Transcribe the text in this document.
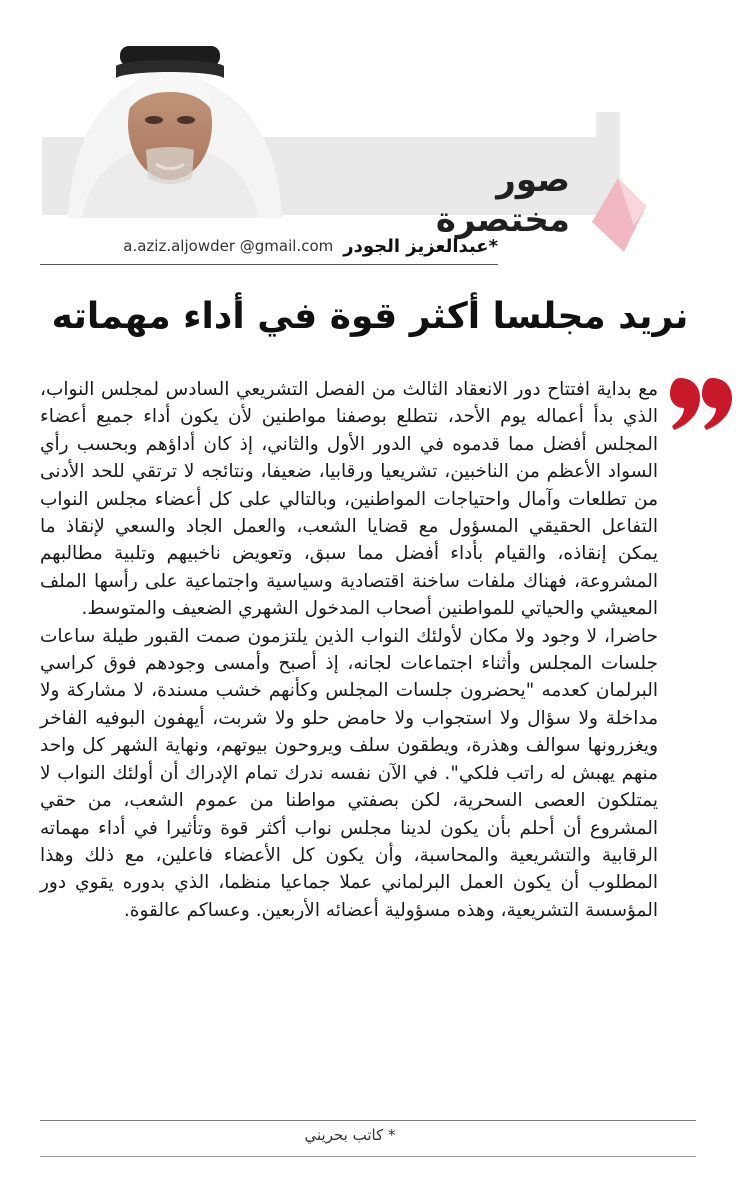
صور مختصرة
a.aziz.aljowder @gmail.com *عبدالعزيز الجودر
نريد مجلسا أكثر قوة في أداء مهماته

مع بداية افتتاح دور الانعقاد الثالث من الفصل التشريعي السادس لمجلس النواب، الذي بدأ أعماله يوم الأحد، نتطلع بوصفنا مواطنين لأن يكون أداء جميع أعضاء المجلس أفضل مما قدموه في الدور الأول والثاني، إذ كان أداؤهم وبحسب رأي السواد الأعظم من الناخبين، تشريعيا ورقابيا، ضعيفا، ونتائجه لا ترتقي للحد الأدنى من تطلعات وآمال واحتياجات المواطنين، وبالتالي على كل أعضاء مجلس النواب التفاعل الحقيقي المسؤول مع قضايا الشعب، والعمل الجاد والسعي لإنقاذ ما يمكن إنقاذه، والقيام بأداء أفضل مما سبق، وتعويض ناخبيهم وتلبية مطالبهم المشروعة، فهناك ملفات ساخنة اقتصادية وسياسية واجتماعية على رأسها الملف المعيشي والحياتي للمواطنين أصحاب المدخول الشهري الضعيف والمتوسط.

حاضرا، لا وجود ولا مكان لأولئك النواب الذين يلتزمون صمت القبور طيلة ساعات جلسات المجلس وأثناء اجتماعات لجانه، إذ أصبح وأمسى وجودهم فوق كراسي البرلمان كعدمه "يحضرون جلسات المجلس وكأنهم خشب مسندة، لا مشاركة ولا مداخلة ولا سؤال ولا استجواب ولا حامض حلو ولا شربت، أيهفون البوفيه الفاخر ويغزرونها سوالف وهذرة، ويطقون سلف ويروحون بيوتهم، ونهاية الشهر كل واحد منهم يهبش له راتب فلكي". في الآن نفسه ندرك تمام الإدراك أن أولئك النواب لا يمتلكون العصى السحرية، لكن بصفتي مواطنا من عموم الشعب، من حقي المشروع أن أحلم بأن يكون لدينا مجلس نواب أكثر قوة وتأثيرا في أداء مهماته الرقابية والتشريعية والمحاسبة، وأن يكون كل الأعضاء فاعلين، مع ذلك وهذا المطلوب أن يكون العمل البرلماني عملا جماعيا منظما، الذي بدوره يقوي دور المؤسسة التشريعية، وهذه مسؤولية أعضائه الأربعين. وعساكم عالقوة.

* كاتب بحريني
